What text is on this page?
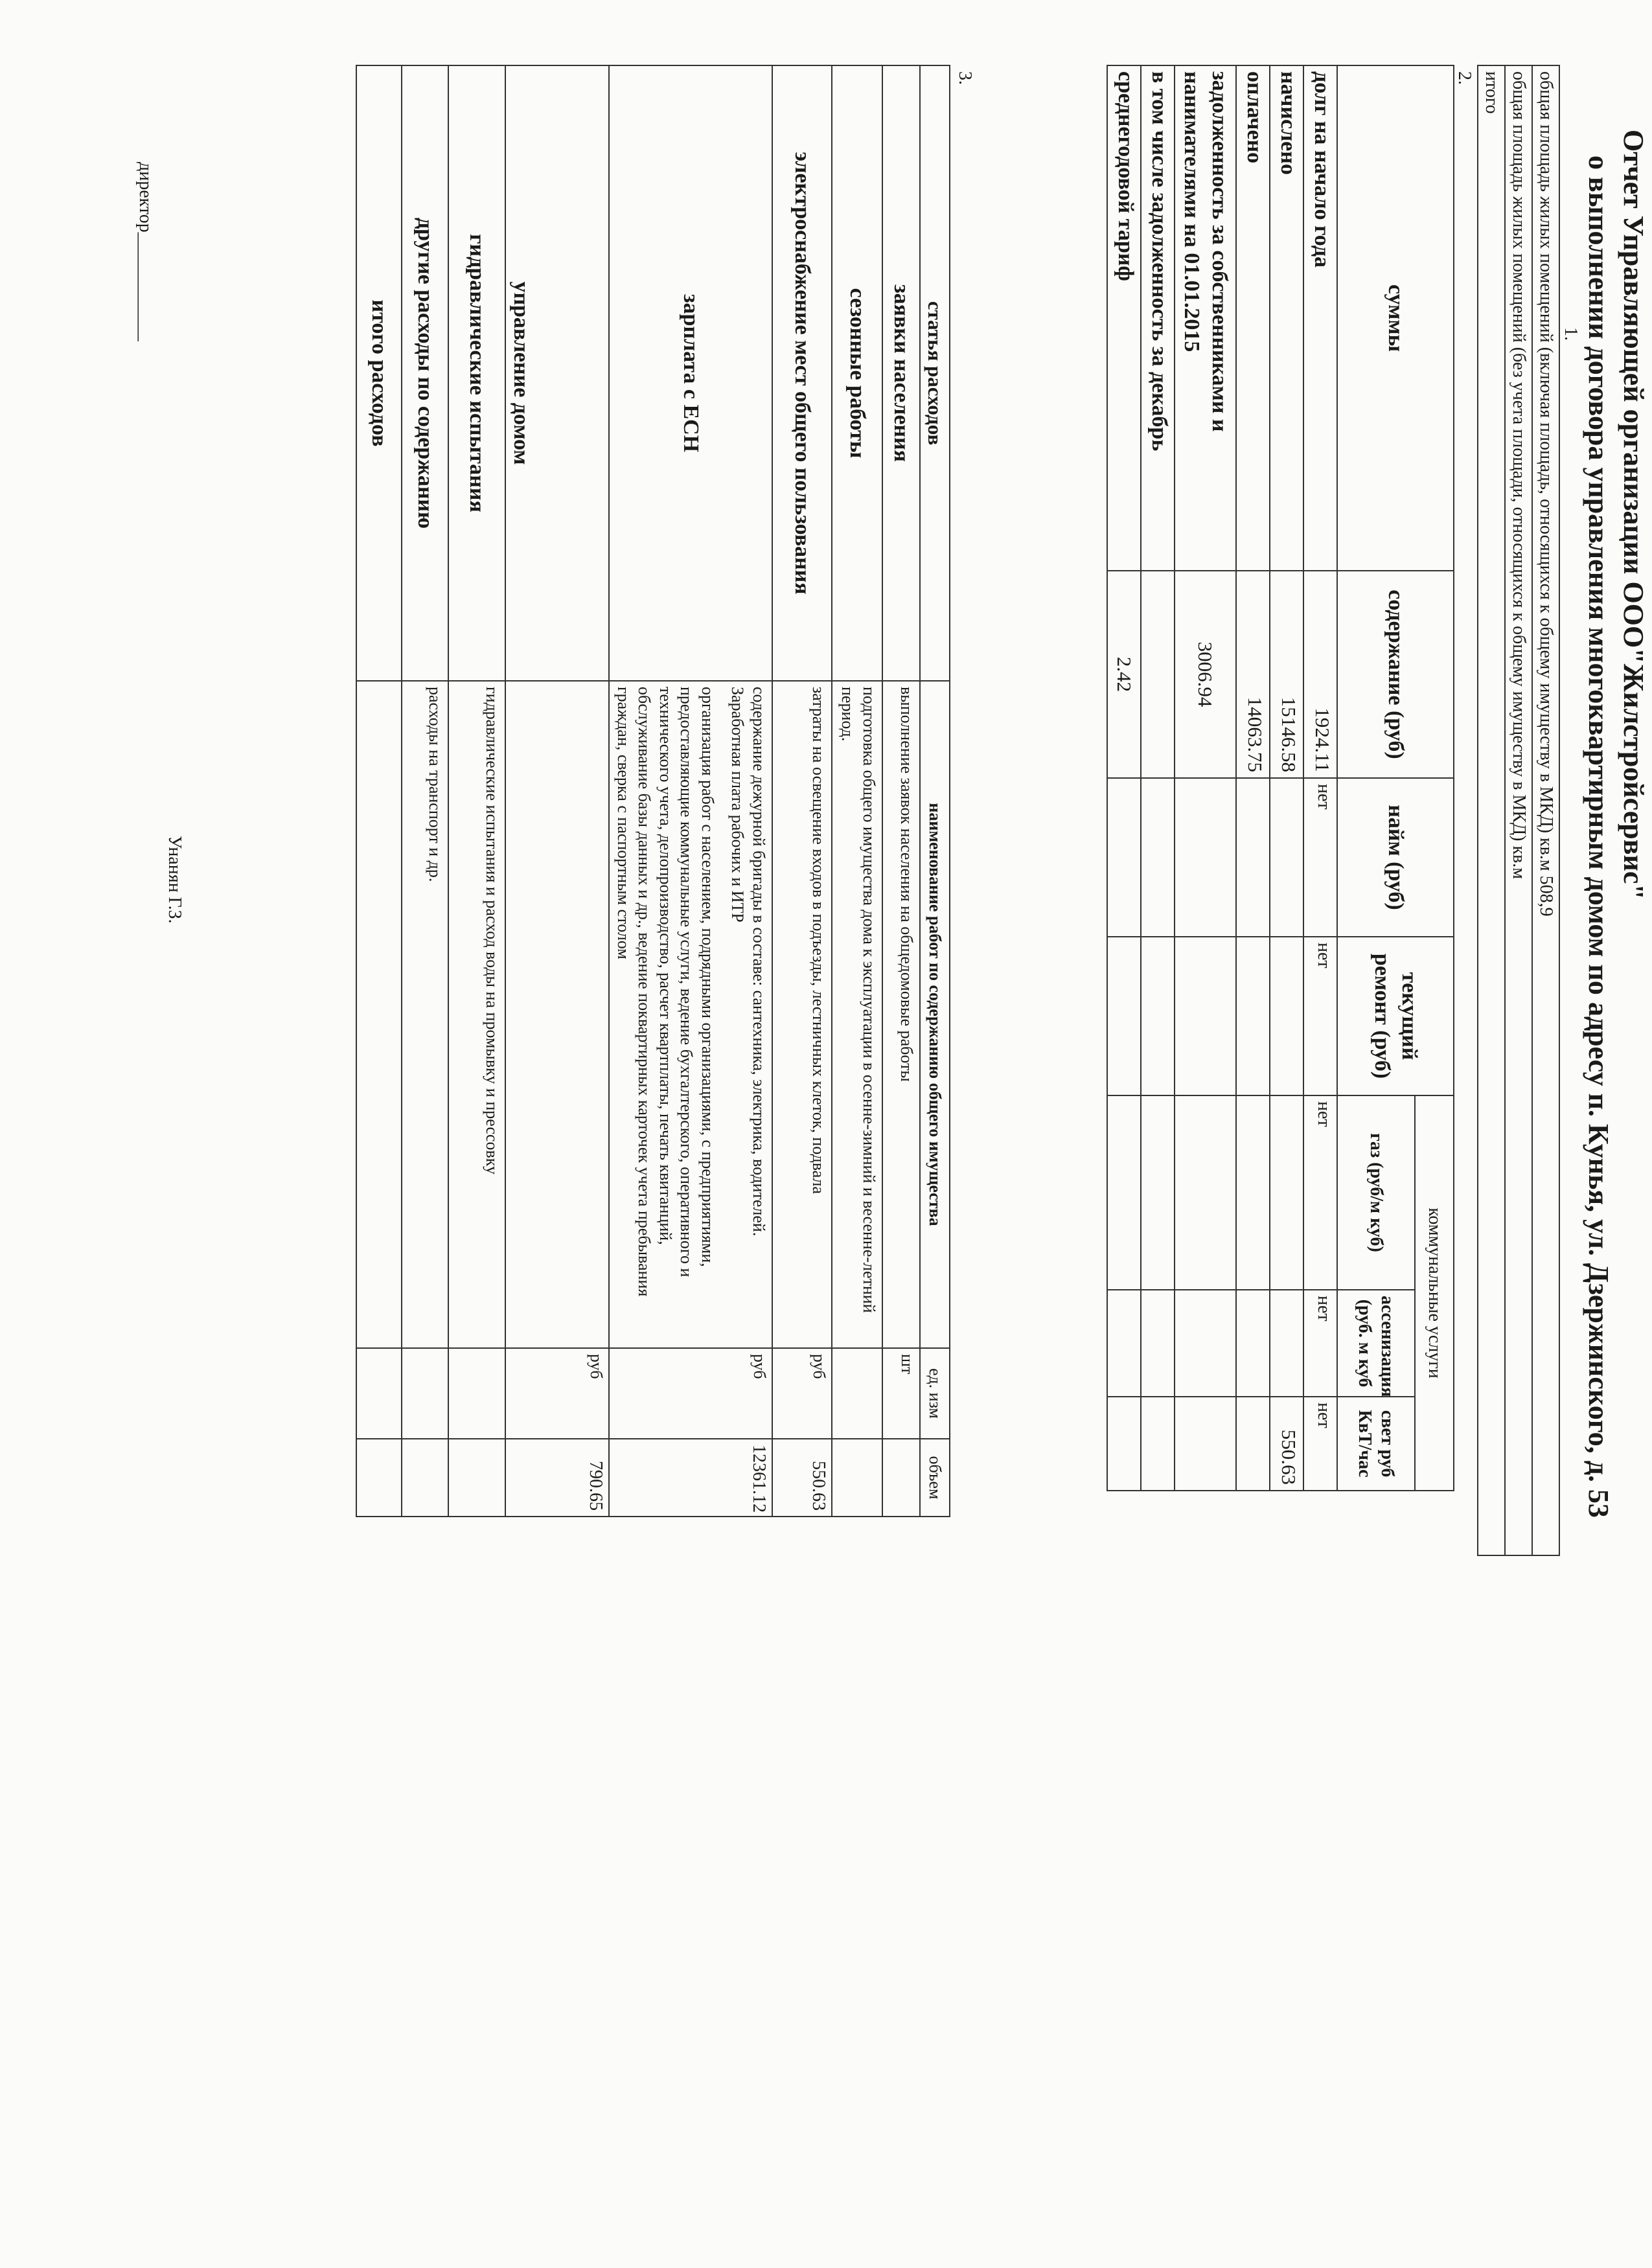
Отчет Управляющей организации ООО"Жилстройсервис"
о выполнении договора управления многоквартирным домом по адресу п. Кунья, ул. Дзержинского, д. 53
1.
общая площадь жилых помещений (включая площадь, относящихся к общему имуществу в МКД) кв.м 508,9
общая площадь жилых помещений (без учета площади, относящихся к общему имуществу в МКД) кв.м
итого
2.
суммы	содержание (руб)	найм (руб)	текущий ремонт (руб)	коммунальные услуги		
				газ (руб/м куб)	ассенизация (руб. м куб	свет руб КвТ/час
долг на начало года	1924.11	нет	нет	нет	нет	нет
начислено	15146.58					550.63
оплачено	14063.75					
задолженность за собственниками и нанимателями на 01.01.2015	3006.94					
в том числе задолженность за декабрь						
среднегодовой тариф	2.42					
3.
статья расходов	наименование работ по содержанию общего имущества	ед. изм	объем
заявки населения	выполнение заявок населения на общедомовые работы	шт	
сезонные работы	подготовка общего имущества дома к эксплуатации в осенне-зимний и весенне-летний период.		
электроснабжение мест общего пользования	затраты на освещение входов в подъезды, лестничных клеток, подвала	руб	550.63
зарплата с ЕСН	содержание дежурной бригады в составе: сантехника, электрика, водителей.
Заработная плата рабочих и ИТР
организация работ с населением, подрядными организациями, с предприятиями, предоставляющие коммунальные услуги, ведение бухгалтерского, оперативного и технического учета, делопроизводство, расчет квартплаты, печать квитанций, обслуживание базы данных и др., ведение поквартирных карточек учета пребывания граждан, сверка с паспортным столом	руб	12361.12
управление домом		руб	790.65
гидравлические испытания	гидравлические испытания и расход воды на промывку и прессовку		
другие расходы по содержанию	расходы на транспорт и др.		
итого расходов			
директор____________
Унанян Г.З.
